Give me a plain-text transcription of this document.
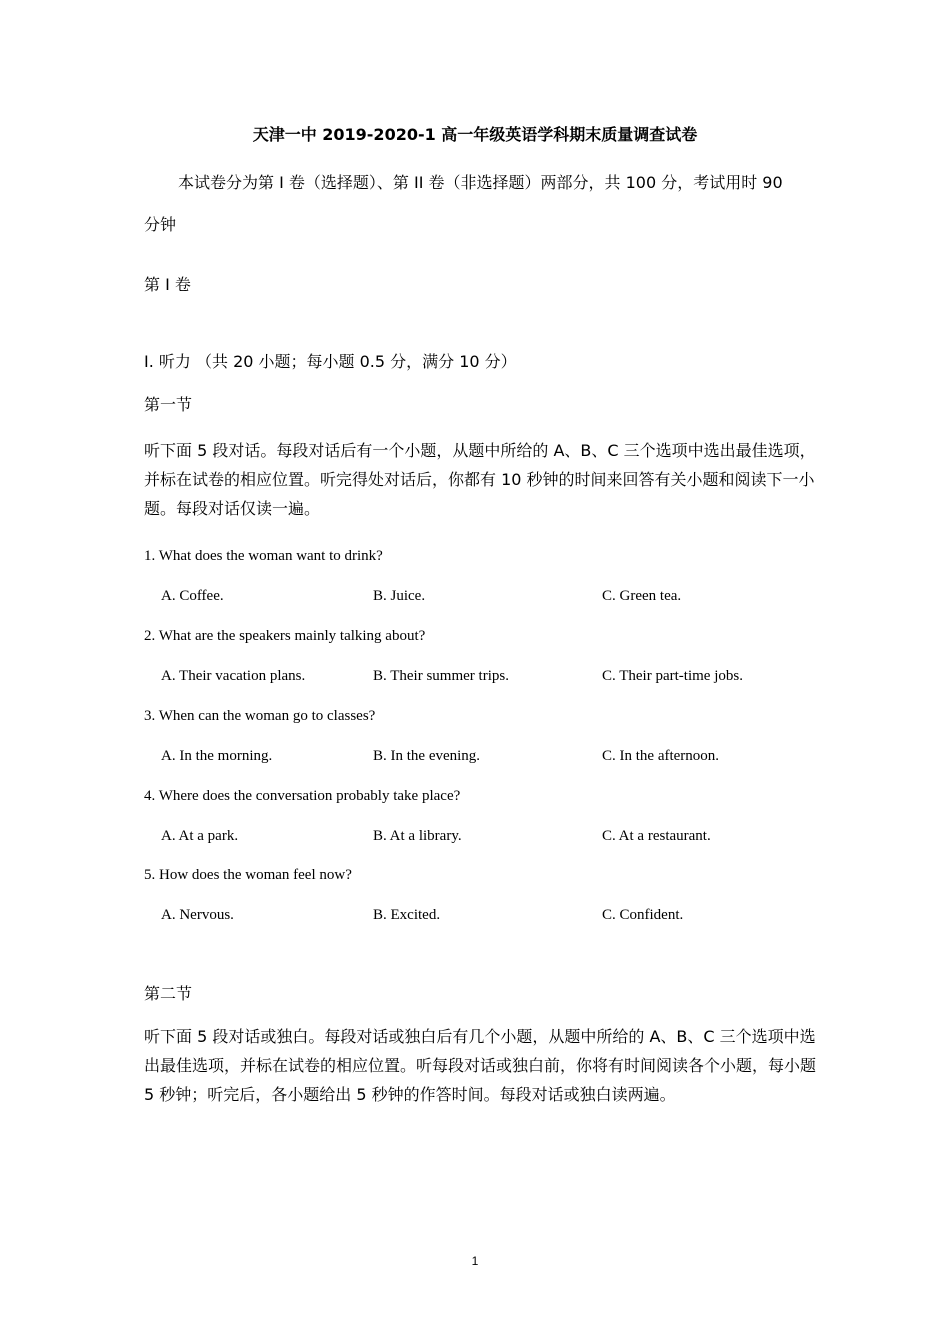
天津一中 2019-2020-1 高一年级英语学科期末质量调查试卷
本试卷分为第 I 卷（选择题）、第 II 卷（非选择题）两部分，共 100 分，考试用时 90
分钟
第 I 卷
I. 听力 （共 20 小题；每小题 0.5 分，满分 10 分）
第一节
听下面 5 段对话。每段对话后有一个小题，从题中所给的 A、B、C 三个选项中选出最佳选项，并标在试卷的相应位置。听完得处对话后，你都有 10 秒钟的时间来回答有关小题和阅读下一小题。每段对话仅读一遍。
1. What does the woman want to drink?
A. Coffee.	B. Juice.	C. Green tea.
2. What are the speakers mainly talking about?
A. Their vacation plans.	B. Their summer trips.	C. Their part-time jobs.
3. When can the woman go to classes?
A. In the morning.	B. In the evening.	C. In the afternoon.
4. Where does the conversation probably take place?
A. At a park.	B. At a library.	C. At a restaurant.
5. How does the woman feel now?
A. Nervous.	B. Excited.	C. Confident.
第二节
听下面 5 段对话或独白。每段对话或独白后有几个小题，从题中所给的 A、B、C 三个选项中选出最佳选项，并标在试卷的相应位置。听每段对话或独白前，你将有时间阅读各个小题，每小题 5 秒钟；听完后，各小题给出 5 秒钟的作答时间。每段对话或独白读两遍。
1
